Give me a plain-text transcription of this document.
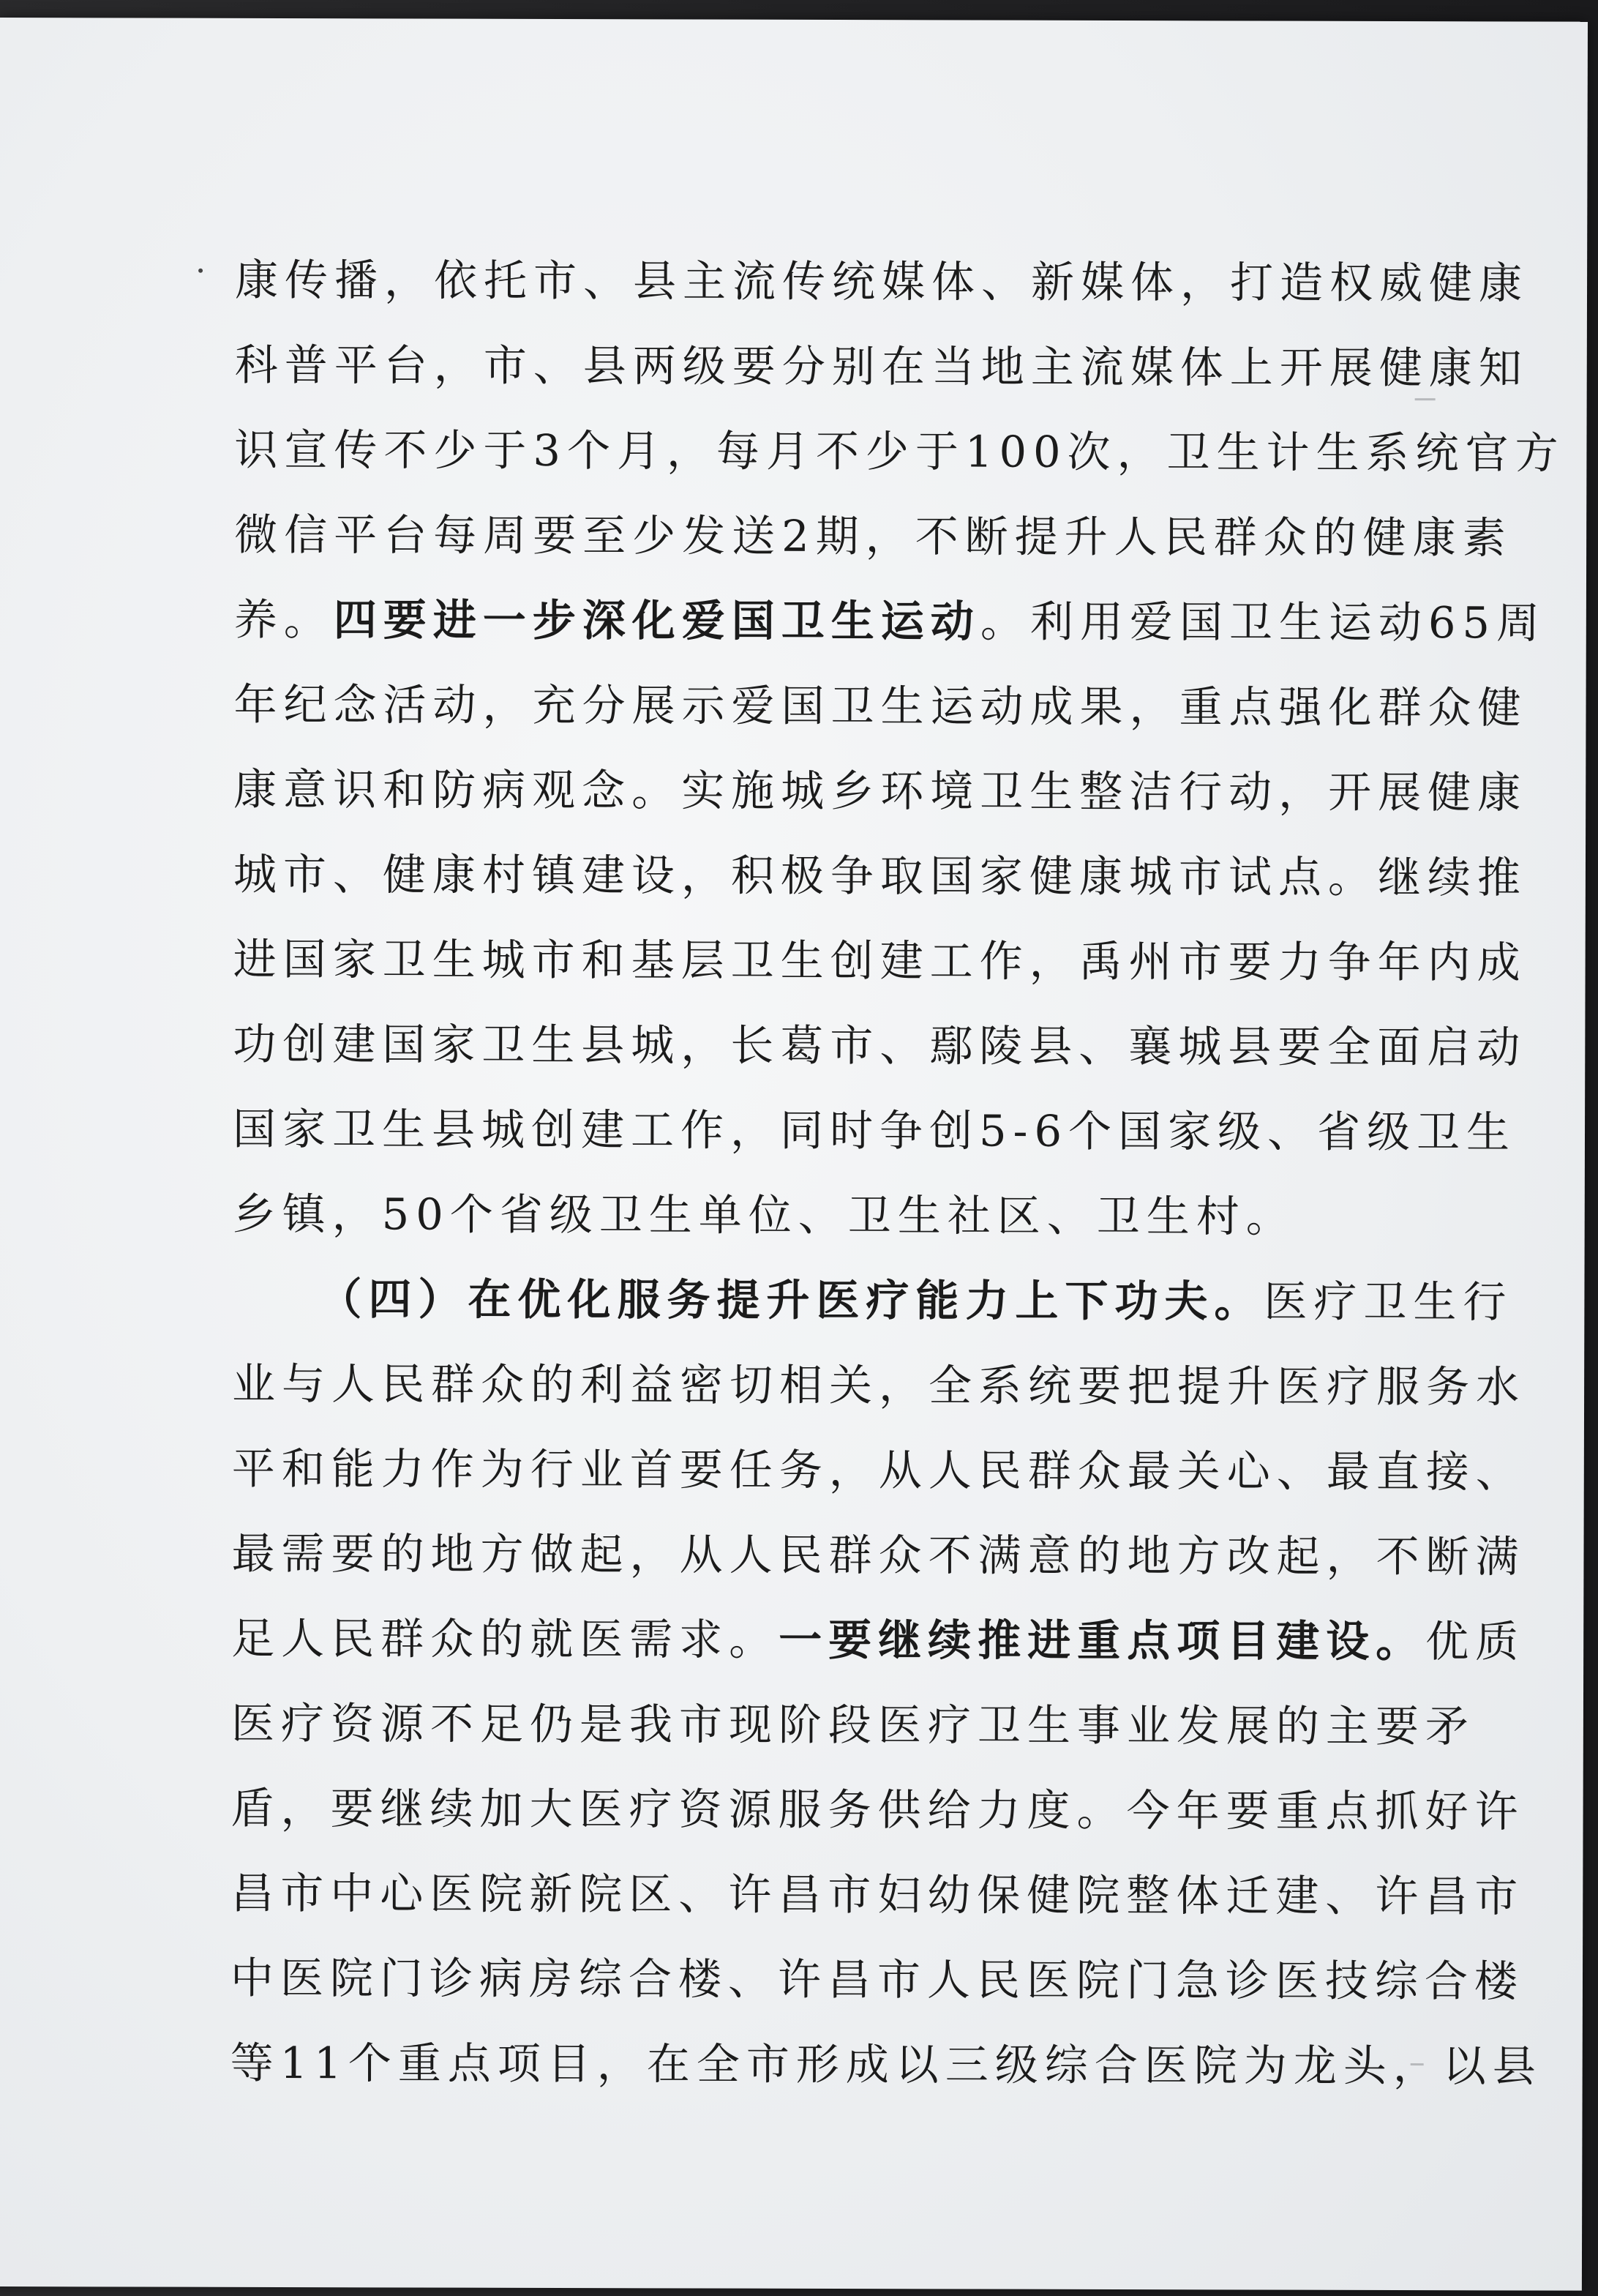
康传播，依托市、县主流传统媒体、新媒体，打造权威健康
科普平台，市、县两级要分别在当地主流媒体上开展健康知
识宣传不少于3个月，每月不少于100次，卫生计生系统官方
微信平台每周要至少发送2期，不断提升人民群众的健康素
养。四要进一步深化爱国卫生运动。利用爱国卫生运动65周
年纪念活动，充分展示爱国卫生运动成果，重点强化群众健
康意识和防病观念。实施城乡环境卫生整洁行动，开展健康
城市、健康村镇建设，积极争取国家健康城市试点。继续推
进国家卫生城市和基层卫生创建工作，禹州市要力争年内成
功创建国家卫生县城，长葛市、鄢陵县、襄城县要全面启动
国家卫生县城创建工作，同时争创5-6个国家级、省级卫生
乡镇，50个省级卫生单位、卫生社区、卫生村。
（四）在优化服务提升医疗能力上下功夫。医疗卫生行
业与人民群众的利益密切相关，全系统要把提升医疗服务水
平和能力作为行业首要任务，从人民群众最关心、最直接、
最需要的地方做起，从人民群众不满意的地方改起，不断满
足人民群众的就医需求。一要继续推进重点项目建设。优质
医疗资源不足仍是我市现阶段医疗卫生事业发展的主要矛
盾，要继续加大医疗资源服务供给力度。今年要重点抓好许
昌市中心医院新院区、许昌市妇幼保健院整体迁建、许昌市
中医院门诊病房综合楼、许昌市人民医院门急诊医技综合楼
等11个重点项目，在全市形成以三级综合医院为龙头，以县
